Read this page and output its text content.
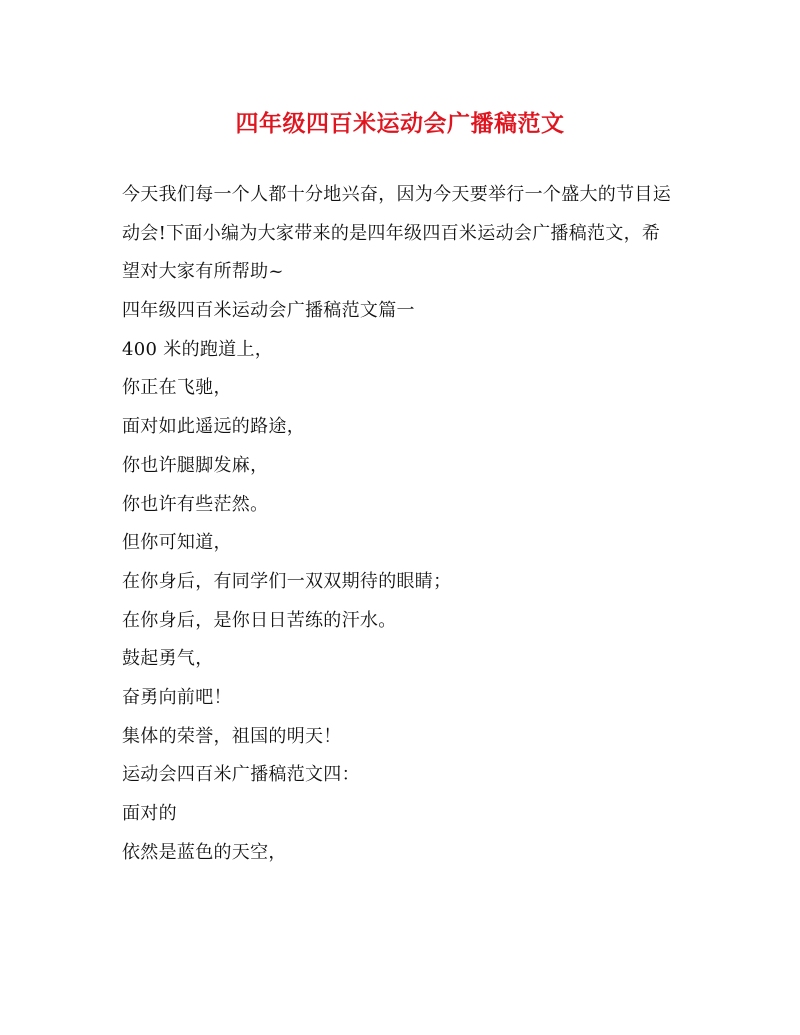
四年级四百米运动会广播稿范文
今天我们每一个人都十分地兴奋，因为今天要举行一个盛大的节目运
动会!下面小编为大家带来的是四年级四百米运动会广播稿范文，希
望对大家有所帮助~
四年级四百米运动会广播稿范文篇一
400 米的跑道上，
你正在飞驰，
面对如此遥远的路途，
你也许腿脚发麻，
你也许有些茫然。
但你可知道，
在你身后，有同学们一双双期待的眼睛；
在你身后，是你日日苦练的汗水。
鼓起勇气，
奋勇向前吧！
集体的荣誉，祖国的明天！
运动会四百米广播稿范文四：
面对的
依然是蓝色的天空，
